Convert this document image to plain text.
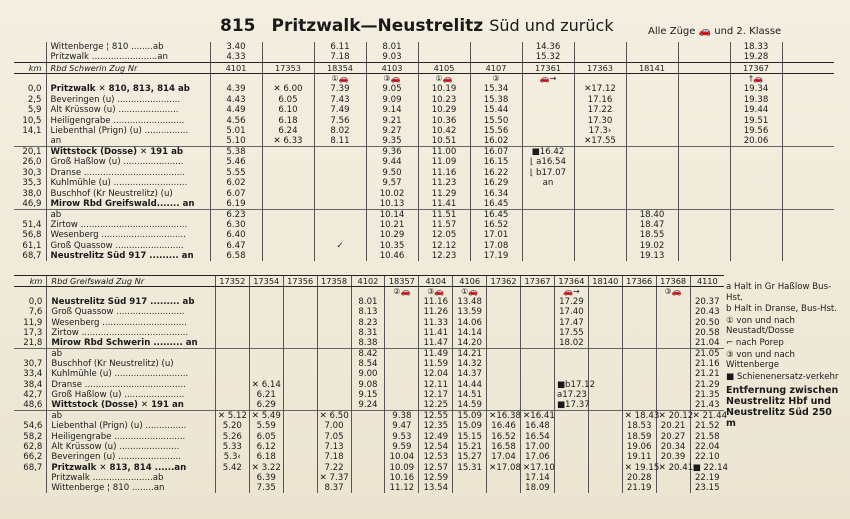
815 Pritzwalk—Neustrelitz Süd und zurück	Alle Züge 🚗 und 2. Klasse
	Wittenberge ¦ 810 ........ab	3.40		6.11	8.01			14.36				18.33	
	Pritzwalk ........................an	4.33		7.18	9.03			15.32				19.28	
km	Rbd Schwerin Zug Nr	4101	17353	18354	4103	4105	4107	17361	17363	18141		17367	
				①🚗	③🚗	①🚗	③	🚗→				†🚗	
0,0	Pritzwalk ✕ 810, 813, 814 ab	4.39	✕ 6.00	7.39	9.05	10.19	15.34		✕17.12			19.34	
2,5	Beveringen (u) .......................	4.43	6.05	7.43	9.09	10.23	15.38		17.16			19.38	
5,9	Alt Krüssow (u) ......................	4.49	6.10	7.49	9.14	10.29	15.44		17.22			19.44	
10,5	Heiligengrabe ..........................	4.56	6.18	7.56	9.21	10.36	15.50		17.30			19.51	
14,1	Liebenthal (Prign) (u) ................	5.01	6.24	8.02	9.27	10.42	15.56		17.3›			19.56	
	an	5.10	✕ 6.33	8.11	9.35	10.51	16.02		✕17.55			20.06	
20,1	Wittstock (Dosse) ✕ 191 ab	5.38			9.36	11.00	16.07	■16.42					
26,0	Groß Haßlow (u) ......................	5.46			9.44	11.09	16.15	⌊ a16.54					
30,3	Dranse .....................................	5.55			9.50	11.16	16.22	⌊ b17.07					
35,3	Kuhlmühle (u) ...........................	6.02			9.57	11.23	16.29	an					
38,0	Buschhof (Kr Neustrelitz) (u)	6.07			10.02	11.29	16.34						
46,9	Mirow Rbd Greifswald....... an	6.19			10.13	11.41	16.45						
	ab	6.23			10.14	11.51	16.45			18.40			
51,4	Zirtow .......................................	6.30			10.21	11.57	16.52			18.47			
56,8	Wesenberg ...............................	6.40			10.29	12.05	17.01			18.55			
61,1	Groß Quassow .........................	6.47		✓	10.35	12.12	17.08			19.02			
68,7	Neustrelitz Süd 917 ......... an	6.58			10.46	12.23	17.19			19.13			
km	Rbd Greifswald Zug Nr	17352	17354	17356	17358	4102	18357	4104	4106	17362	17367	17364	18140	17366	17368	4110
							②🚗	③🚗	①🚗			🚗→			③🚗	
0,0	Neustrelitz Süd 917 ......... ab					8.01		11.16	13.48			17.29				20.37
7,6	Groß Quassow .........................					8.13		11.26	13.59			17.40				20.43
11,9	Wesenberg ...............................					8.23		11.33	14.06			17.47				20.50
17,3	Zirtow .......................................					8.31		11.41	14.14			17.55				20.58
21,8	Mirow Rbd Schwerin ......... an					8.38		11.47	14.20			18.02				21.04
	ab					8.42		11.49	14.21							21.05
30,7	Buschhof (Kr Neustrelitz) (u)					8.54		11.59	14.32							21.16
33,4	Kuhlmühle (u) ...........................					9.00		12.04	14.37							21.21
38,4	Dranse .....................................		✕ 6.14			9.08		12.11	14.44			■b17.12				21.29
42,7	Groß Haßlow (u) ......................		6.21			9.15		12.17	14.51			a17.23				21.35
48,6	Wittstock (Dosse) ✕ 191 an		6.29			9.24		12.25	14.59			■17.37				21.43
	ab	✕ 5.12	✕ 5.49		✕ 6.50		9.38	12.55	15.09	✕16.38	✕16.41			✕ 18.43	✕ 20.12	✕ 21.44
54,6	Liebenthal (Prign) (u) ...............	5.20	5.59		7.00		9.47	12.35	15.09	16.46	16.48			18.53	20.21	21.52
58,2	Heiligengrabe ..........................	5.26	6.05		7.05		9.53	12.49	15.15	16.52	16.54			18.59	20.27	21.58
62,8	Alt Krüssow (u) ......................	5.33	6.12		7.13		9.59	12.54	15.21	16.58	17.00			19.06	20.34	22.04
66,2	Beveringen (u) .......................	5.3‹	6.18		7.18		10.04	12.53	15.27	17.04	17.06			19.11	20.39	22.10
68,7	Pritzwalk ✕ 813, 814 ......an	5.42	✕ 3.22		7.22		10.09	12.57	15.31	✕17.08	✕17.10			✕ 19.15	✕ 20.41	■ 22.14
	Pritzwalk ......................ab		6.39		✕ 7.37		10.16	12.59			17.14			20.28		22.19
	Wittenberge ¦ 810 ........an		7.35		8.37		11.12	13.54			18.09			21.19		23.15
a Halt in Gr Haßlow Bus-Hst.
b Halt in Dranse, Bus-Hst.
① von und nach Neustadt/Dosse
⌐ nach Porep
③ von und nach Wittenberge
■ Schienenersatz-verkehr
Entfernung zwischen Neustrelitz Hbf und Neustrelitz Süd 250 m
